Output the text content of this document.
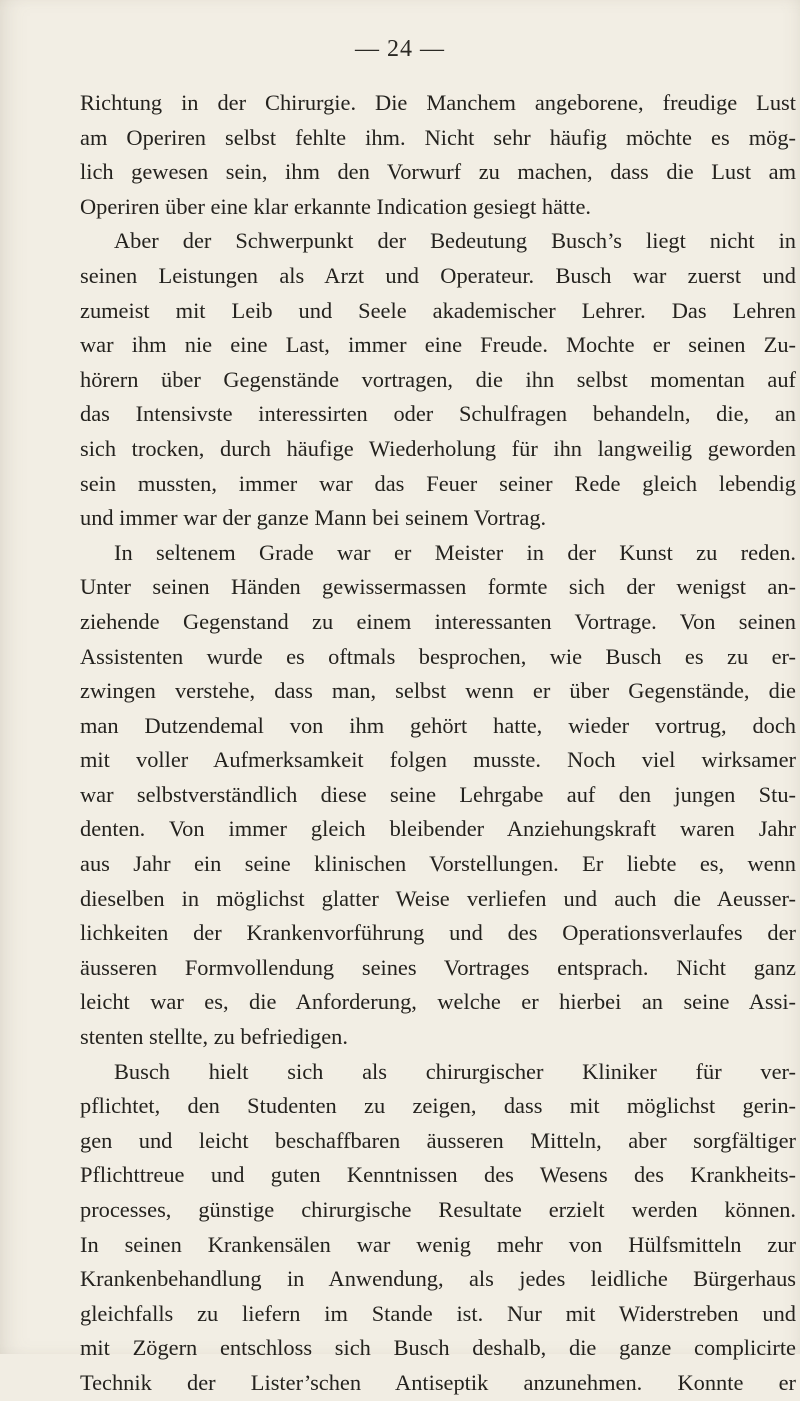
— 24 —
Richtung in der Chirurgie. Die Manchem angeborene, freudige Lust
am Operiren selbst fehlte ihm. Nicht sehr häufig möchte es mög-
lich gewesen sein, ihm den Vorwurf zu machen, dass die Lust am
Operiren über eine klar erkannte Indication gesiegt hätte.
Aber der Schwerpunkt der Bedeutung Busch’s liegt nicht in
seinen Leistungen als Arzt und Operateur. Busch war zuerst und
zumeist mit Leib und Seele akademischer Lehrer. Das Lehren
war ihm nie eine Last, immer eine Freude. Mochte er seinen Zu-
hörern über Gegenstände vortragen, die ihn selbst momentan auf
das Intensivste interessirten oder Schulfragen behandeln, die, an
sich trocken, durch häufige Wiederholung für ihn langweilig geworden
sein mussten, immer war das Feuer seiner Rede gleich lebendig
und immer war der ganze Mann bei seinem Vortrag.
In seltenem Grade war er Meister in der Kunst zu reden.
Unter seinen Händen gewissermassen formte sich der wenigst an-
ziehende Gegenstand zu einem interessanten Vortrage. Von seinen
Assistenten wurde es oftmals besprochen, wie Busch es zu er-
zwingen verstehe, dass man, selbst wenn er über Gegenstände, die
man Dutzendemal von ihm gehört hatte, wieder vortrug, doch
mit voller Aufmerksamkeit folgen musste. Noch viel wirksamer
war selbstverständlich diese seine Lehrgabe auf den jungen Stu-
denten. Von immer gleich bleibender Anziehungskraft waren Jahr
aus Jahr ein seine klinischen Vorstellungen. Er liebte es, wenn
dieselben in möglichst glatter Weise verliefen und auch die Aeusser-
lichkeiten der Krankenvorführung und des Operationsverlaufes der
äusseren Formvollendung seines Vortrages entsprach. Nicht ganz
leicht war es, die Anforderung, welche er hierbei an seine Assi-
stenten stellte, zu befriedigen.
Busch hielt sich als chirurgischer Kliniker für ver-
pflichtet, den Studenten zu zeigen, dass mit möglichst gerin-
gen und leicht beschaffbaren äusseren Mitteln, aber sorgfältiger
Pflichttreue und guten Kenntnissen des Wesens des Krankheits-
processes, günstige chirurgische Resultate erzielt werden können.
In seinen Krankensälen war wenig mehr von Hülfsmitteln zur
Krankenbehandlung in Anwendung, als jedes leidliche Bürgerhaus
gleichfalls zu liefern im Stande ist. Nur mit Widerstreben und
mit Zögern entschloss sich Busch deshalb, die ganze complicirte
Technik der Lister’schen Antiseptik anzunehmen. Konnte er
